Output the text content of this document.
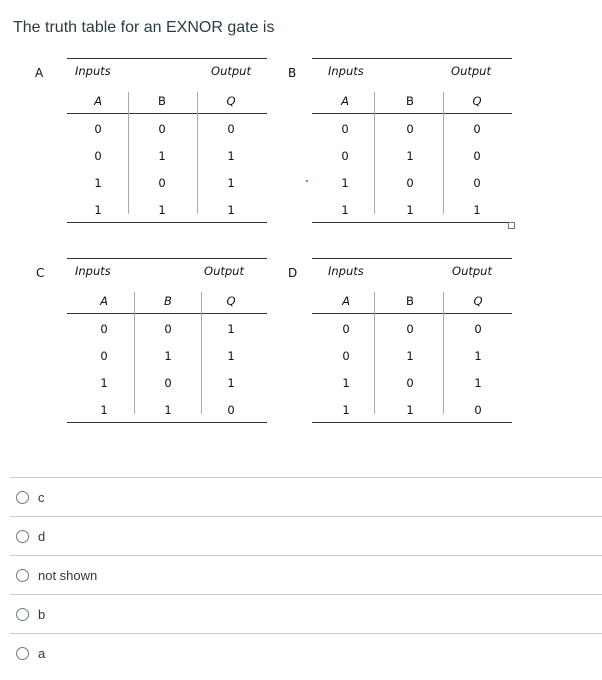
The truth table for an EXNOR gate is
A	Inputs	Output
A	B	Q
0	0	0
0	1	1
1	0	1
1	1	1
B	Inputs	Output
A	B	Q
0	0	0
0	1	0
1	0	0
1	1	1
C	Inputs	Output
A	B	Q
0	0	1
0	1	1
1	0	1
1	1	0
D	Inputs	Output
A	B	Q
0	0	0
0	1	1
1	0	1
1	1	0
c
d
not shown
b
a
